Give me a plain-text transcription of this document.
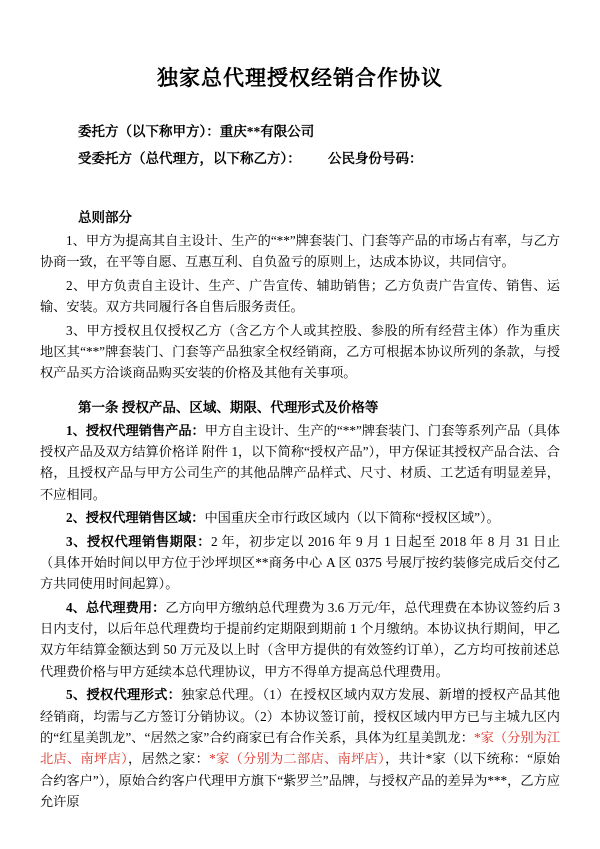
独家总代理授权经销合作协议
委托方（以下称甲方）：重庆**有限公司
受委托方（总代理方，以下称乙方）： 公民身份号码：
总则部分

1、甲方为提高其自主设计、生产的“**”牌套装门、门套等产品的市场占有率，与乙方协商一致，在平等自愿、互惠互利、自负盈亏的原则上，达成本协议，共同信守。

2、甲方负责自主设计、生产、广告宣传、辅助销售；乙方负责广告宣传、销售、运输、安装。双方共同履行各自售后服务责任。

3、甲方授权且仅授权乙方（含乙方个人或其控股、参股的所有经营主体）作为重庆地区其“**”牌套装门、门套等产品独家全权经销商，乙方可根据本协议所列的条款，与授权产品买方洽谈商品购买安装的价格及其他有关事项。

第一条 授权产品、区域、期限、代理形式及价格等

1、授权代理销售产品：甲方自主设计、生产的“**”牌套装门、门套等系列产品（具体授权产品及双方结算价格详 附件 1，以下简称“授权产品”），甲方保证其授权产品合法、合格，且授权产品与甲方公司生产的其他品牌产品样式、尺寸、材质、工艺适有明显差异，不应相同。

2、授权代理销售区域：中国重庆全市行政区域内（以下简称“授权区域”）。

3、授权代理销售期限：2 年，初步定以 2016 年 9 月 1 日起至 2018 年 8 月 31 日止（具体开始时间以甲方位于沙坪坝区**商务中心 A 区 0375 号展厅按约装修完成后交付乙方共同使用时间起算）。

4、总代理费用：乙方向甲方缴纳总代理费为 3.6 万元/年，总代理费在本协议签约后 3 日内支付，以后年总代理费均于提前约定期限到期前 1 个月缴纳。本协议执行期间，甲乙双方年结算金额达到 50 万元及以上时（含甲方提供的有效签约订单），乙方均可按前述总代理费价格与甲方延续本总代理协议，甲方不得单方提高总代理费用。

5、授权代理形式：独家总代理。（1）在授权区域内双方发展、新增的授权产品其他经销商，均需与乙方签订分销协议。（2）本协议签订前，授权区域内甲方已与主城九区内的“红星美凯龙”、“居然之家”合约商家已有合作关系，具体为红星美凯龙：*家（分别为江北店、南坪店），居然之家：*家（分别为二部店、南坪店），共计*家（以下统称：“原始合约客户”），原始合约客户代理甲方旗下“紫罗兰”品牌，与授权产品的差异为***，乙方应允许原
